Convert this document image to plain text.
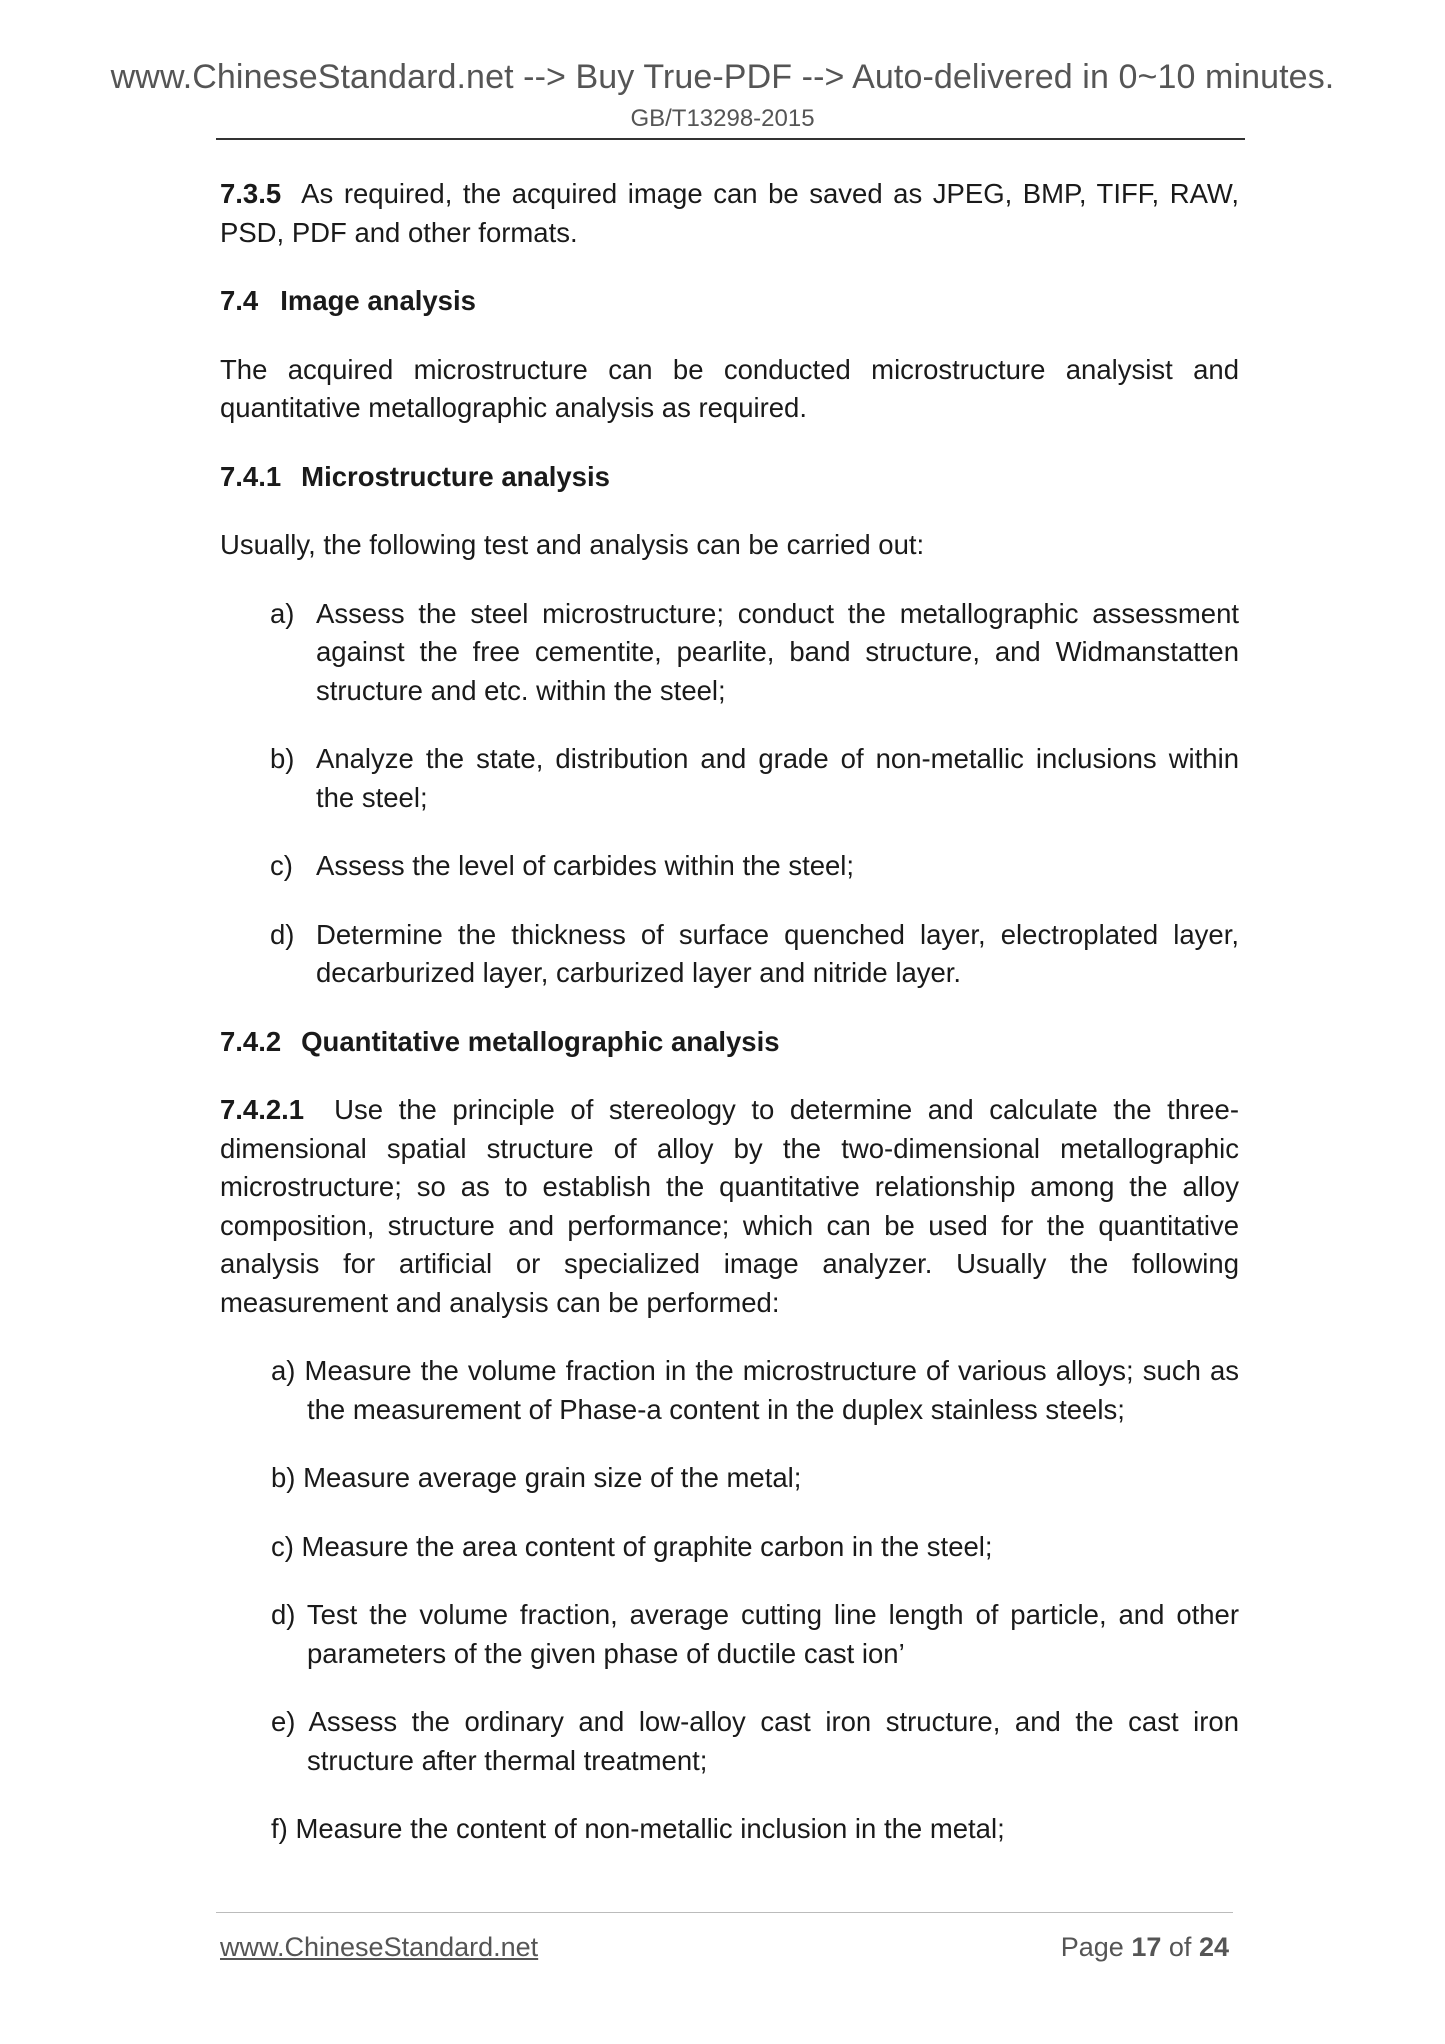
www.ChineseStandard.net --> Buy True-PDF --> Auto-delivered in 0~10 minutes.
GB/T13298-2015

7.3.5 As required, the acquired image can be saved as JPEG, BMP, TIFF, RAW, PSD, PDF and other formats.

7.4 Image analysis

The acquired microstructure can be conducted microstructure analysist and quantitative metallographic analysis as required.

7.4.1 Microstructure analysis

Usually, the following test and analysis can be carried out:

a) Assess the steel microstructure; conduct the metallographic assessment against the free cementite, pearlite, band structure, and Widmanstatten structure and etc. within the steel;
b) Analyze the state, distribution and grade of non-metallic inclusions within the steel;
c) Assess the level of carbides within the steel;
d) Determine the thickness of surface quenched layer, electroplated layer, decarburized layer, carburized layer and nitride layer.

7.4.2 Quantitative metallographic analysis

7.4.2.1 Use the principle of stereology to determine and calculate the three-dimensional spatial structure of alloy by the two-dimensional metallographic microstructure; so as to establish the quantitative relationship among the alloy composition, structure and performance; which can be used for the quantitative analysis for artificial or specialized image analyzer. Usually the following measurement and analysis can be performed:

a) Measure the volume fraction in the microstructure of various alloys; such as the measurement of Phase-a content in the duplex stainless steels;
b) Measure average grain size of the metal;
c) Measure the area content of graphite carbon in the steel;
d) Test the volume fraction, average cutting line length of particle, and other parameters of the given phase of ductile cast ion’
e) Assess the ordinary and low-alloy cast iron structure, and the cast iron structure after thermal treatment;
f) Measure the content of non-metallic inclusion in the metal;
www.ChineseStandard.net	Page 17 of 24
